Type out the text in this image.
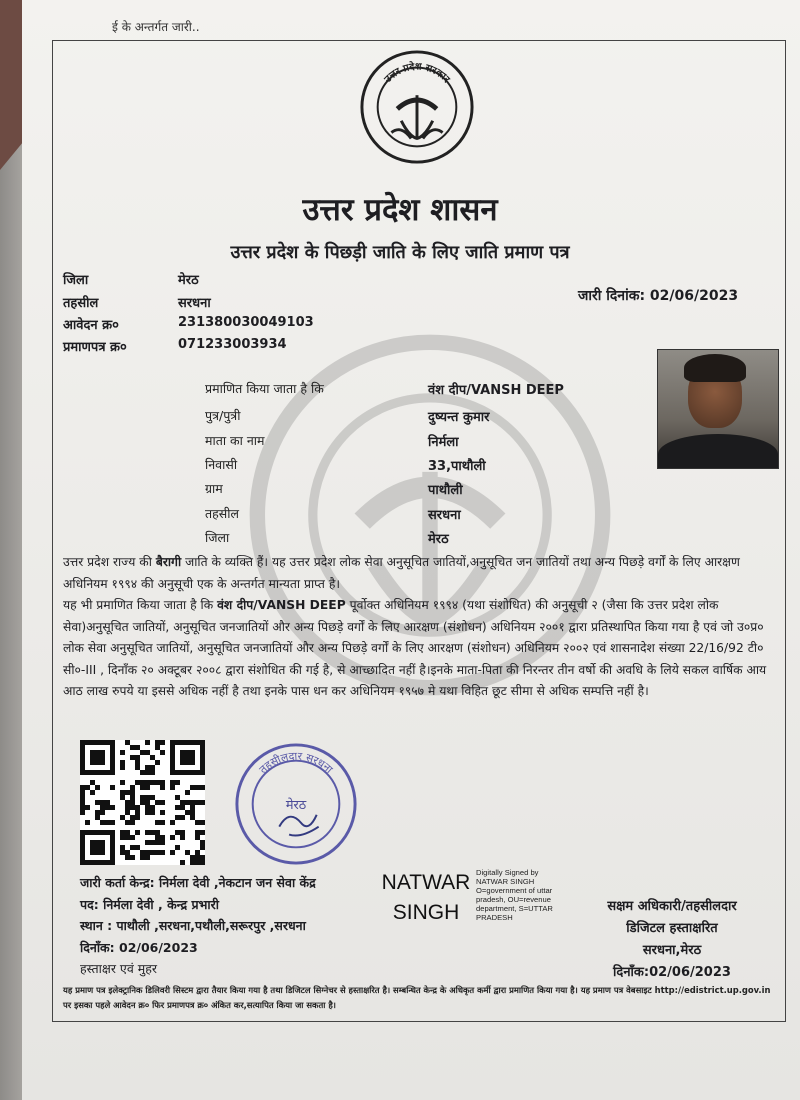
ई के अन्तर्गत जारी..
उत्तर प्रदेश सरकार
उत्तर प्रदेश शासन
उत्तर प्रदेश के पिछड़ी जाति के लिए जाति प्रमाण पत्र
जिला	मेरठ
तहसील	सरधना
आवेदन क्र०	231380030049103
प्रमाणपत्र क्र०	071233003934
जारी दिनांक: 02/06/2023
प्रमाणित किया जाता है कि	वंश दीप/VANSH DEEP
पुत्र/पुत्री	दुष्यन्त कुमार
माता का नाम	निर्मला
निवासी	33,पाथौली
ग्राम	पाथौली
तहसील	सरधना
जिला	मेरठ

उत्तर प्रदेश राज्य की बैरागी जाति के व्यक्ति हैं। यह उत्तर प्रदेश लोक सेवा अनुसूचित जातियों,अनुसूचित जन जातियों तथा अन्य पिछड़े वर्गों के लिए आरक्षण अधिनियम १९९४ की अनुसूची एक के अन्तर्गत मान्यता प्राप्त है।

यह भी प्रमाणित किया जाता है कि वंश दीप/VANSH DEEP पूर्वोक्त अधिनियम १९९४ (यथा संशोधित) की अनुसूची २ (जैसा कि उत्तर प्रदेश लोक सेवा)अनुसूचित जातियों, अनुसूचित जनजातियों और अन्य पिछड़े वर्गों के लिए आरक्षण (संशोधन) अधिनियम २००१ द्वारा प्रतिस्थापित किया गया है एवं जो उ०प्र० लोक सेवा अनुसूचित जातियों, अनुसूचित जनजातियों और अन्य पिछड़े वर्गों के लिए आरक्षण (संशोधन) अधिनियम २००२ एवं शासनादेश संख्या 22/16/92 टी० सी०-III , दिनाँक २० अक्टूबर २००८ द्वारा संशोधित की गई है, से आच्छादित नहीं है।इनके माता-पिता की निरन्तर तीन वर्षो की अवधि के लिये सकल वार्षिक आय आठ लाख रुपये या इससे अधिक नहीं है तथा इनके पास धन कर अधिनियम १९५७ मे यथा विहित छूट सीमा से अधिक सम्पत्ति नहीं है।

तहसीलदार सरधना
मेरठ
जारी कर्ता केन्द्र: निर्मला देवी ,नेकटान जन सेवा केंद्र
पद: निर्मला देवी , केन्द्र प्रभारी
स्थान : पाथौली ,सरधना,पथौली,सरूरपुर ,सरधना
दिनाँक: 02/06/2023
हस्ताक्षर एवं मुहर
NATWAR
SINGH
Digitally Signed by NATWAR SINGH O=government of uttar pradesh, OU=revenue department, S=UTTAR PRADESH
सक्षम अधिकारी/तहसीलदार
डिजिटल हस्ताक्षरित
सरधना,मेरठ
दिनाँक:02/06/2023
यह प्रमाण पत्र इलेक्ट्रानिक डिलिवरी सिस्टम द्वारा तैयार किया गया है तथा डिजिटल सिग्नेचर से हस्ताक्षरित है। सम्बन्धित केन्द्र के अधिकृत कर्मी द्वारा प्रमाणित किया गया है। यह प्रमाण पत्र वेबसाइट http://edistrict.up.gov.in पर इसका पहले आवेदन क्र० फिर प्रमाणपत्र क्र० अंकित कर,सत्यापित किया जा सकता है।
